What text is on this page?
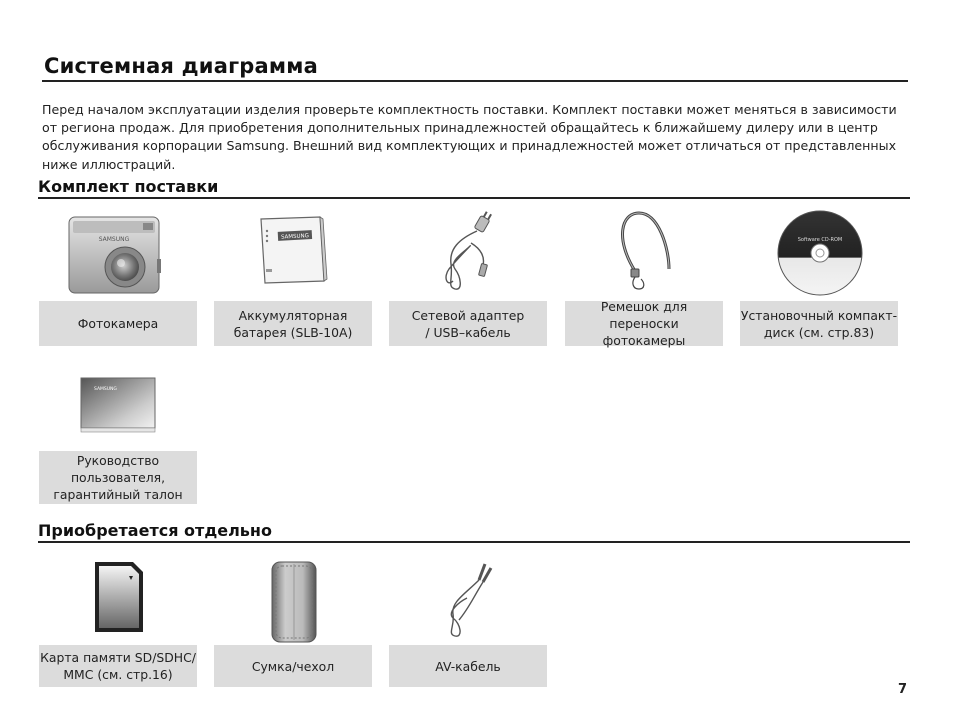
Системная диаграмма

Перед началом эксплуатации изделия проверьте комплектность поставки. Комплект поставки может меняться в зависимости от региона продаж. Для приобретения дополнительных принадлежностей обращайтесь к ближайшему дилеру или в центр обслуживания корпорации Samsung. Внешний вид комплектующих и принадлежностей может отличаться от представленных ниже иллюстраций.

Комплект поставки
SAMSUNG	SAMSUNG	Software CD-ROM
Фотокамера
Аккумуляторная
батарея (SLB-10A)
Сетевой адаптер
/ USB–кабель
Ремешок для переноски
фотокамеры
Установочный компакт-
диск (см. стр.83)
SAMSUNG
Руководство
пользователя,
гарантийный талон
Приобретается отдельно
Карта памяти SD/SDHC/
MMC (см. стр.16)
Сумка/чехол	AV-кабель
7
